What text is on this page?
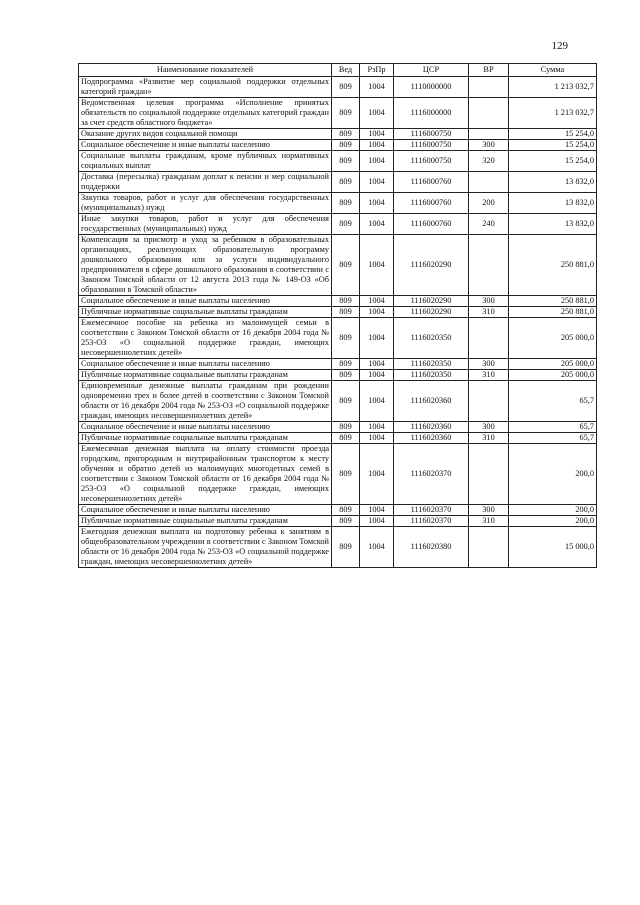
129
Наименование показателей	Вед	РзПр	ЦСР	ВР	Сумма
Подпрограмма «Развитие мер социальной поддержки отдельных категорий граждан»	809	1004	1110000000		1 213 032,7
Ведомственная целевая программа «Исполнение принятых обязательств по социальной поддержке отдельных категорий граждан за счет средств областного бюджета»	809	1004	1116000000		1 213 032,7
Оказание других видов социальной помощи	809	1004	1116000750		15 254,0
Социальное обеспечение и иные выплаты населению	809	1004	1116000750	300	15 254,0
Социальные выплаты гражданам, кроме публичных нормативных социальных выплат	809	1004	1116000750	320	15 254,0
Доставка (пересылка) гражданам доплат к пенсии и мер социальной поддержки	809	1004	1116000760		13 832,0
Закупка товаров, работ и услуг для обеспечения государственных (муниципальных) нужд	809	1004	1116000760	200	13 832,0
Иные закупки товаров, работ и услуг для обеспечения государственных (муниципальных) нужд	809	1004	1116000760	240	13 832,0
Компенсация за присмотр и уход за ребенком в образовательных организациях, реализующих образовательную программу дошкольного образования или за услуги индивидуального предпринимателя в сфере дошкольного образования в соответствии с Законом Томской области от 12 августа 2013 года № 149-ОЗ «Об образовании в Томской области»	809	1004	1116020290		250 881,0
Социальное обеспечение и иные выплаты населению	809	1004	1116020290	300	250 881,0
Публичные нормативные социальные выплаты гражданам	809	1004	1116020290	310	250 881,0
Ежемесячное пособие на ребенка из малоимущей семьи в соответствии с Законом Томской области от 16 декабря 2004 года № 253-ОЗ «О социальной поддержке граждан, имеющих несовершеннолетних детей»	809	1004	1116020350		205 000,0
Социальное обеспечение и иные выплаты населению	809	1004	1116020350	300	205 000,0
Публичные нормативные социальные выплаты гражданам	809	1004	1116020350	310	205 000,0
Единовременные денежные выплаты гражданам при рождении одновременно трех и более детей в соответствии с Законом Томской области от 16 декабря 2004 года № 253-ОЗ «О социальной поддержке граждан, имеющих несовершеннолетних детей»	809	1004	1116020360		65,7
Социальное обеспечение и иные выплаты населению	809	1004	1116020360	300	65,7
Публичные нормативные социальные выплаты гражданам	809	1004	1116020360	310	65,7
Ежемесячная денежная выплата на оплату стоимости проезда городским, пригородным и внутрирайонным транспортом к месту обучения и обратно детей из малоимущих многодетных семей в соответствии с Законом Томской области от 16 декабря 2004 года № 253-ОЗ «О социальной поддержке граждан, имеющих несовершеннолетних детей»	809	1004	1116020370		200,0
Социальное обеспечение и иные выплаты населению	809	1004	1116020370	300	200,0
Публичные нормативные социальные выплаты гражданам	809	1004	1116020370	310	200,0
Ежегодная денежная выплата на подготовку ребенка к занятиям в общеобразовательном учреждении в соответствии с Законом Томской области от 16 декабря 2004 года № 253-ОЗ «О социальной поддержке граждан, имеющих несовершеннолетних детей»	809	1004	1116020380		15 000,0
